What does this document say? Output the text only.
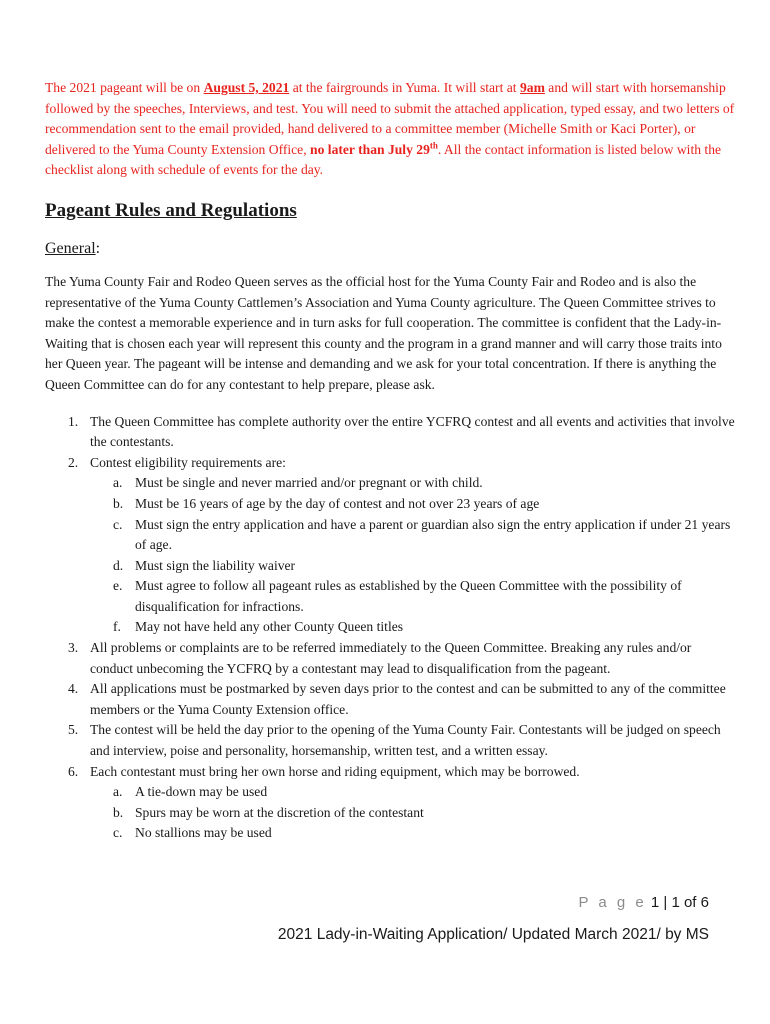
The 2021 pageant will be on August 5, 2021 at the fairgrounds in Yuma. It will start at 9am and will start with horsemanship followed by the speeches, Interviews, and test. You will need to submit the attached application, typed essay, and two letters of recommendation sent to the email provided, hand delivered to a committee member (Michelle Smith or Kaci Porter), or delivered to the Yuma County Extension Office, no later than July 29th. All the contact information is listed below with the checklist along with schedule of events for the day.

Pageant Rules and Regulations

General:

The Yuma County Fair and Rodeo Queen serves as the official host for the Yuma County Fair and Rodeo and is also the representative of the Yuma County Cattlemen’s Association and Yuma County agriculture. The Queen Committee strives to make the contest a memorable experience and in turn asks for full cooperation. The committee is confident that the Lady-in-Waiting that is chosen each year will represent this county and the program in a grand manner and will carry those traits into her Queen year. The pageant will be intense and demanding and we ask for your total concentration. If there is anything the Queen Committee can do for any contestant to help prepare, please ask.

1. The Queen Committee has complete authority over the entire YCFRQ contest and all events and activities that involve the contestants.
2. Contest eligibility requirements are:
a. Must be single and never married and/or pregnant or with child.
b. Must be 16 years of age by the day of contest and not over 23 years of age
c. Must sign the entry application and have a parent or guardian also sign the entry application if under 21 years of age.
d. Must sign the liability waiver
e. Must agree to follow all pageant rules as established by the Queen Committee with the possibility of disqualification for infractions.
f. May not have held any other County Queen titles
3. All problems or complaints are to be referred immediately to the Queen Committee. Breaking any rules and/or conduct unbecoming the YCFRQ by a contestant may lead to disqualification from the pageant.
4. All applications must be postmarked by seven days prior to the contest and can be submitted to any of the committee members or the Yuma County Extension office.
5. The contest will be held the day prior to the opening of the Yuma County Fair. Contestants will be judged on speech and interview, poise and personality, horsemanship, written test, and a written essay.
6. Each contestant must bring her own horse and riding equipment, which may be borrowed.
a. A tie-down may be used
b. Spurs may be worn at the discretion of the contestant
c. No stallions may be used
P a g e 1 | 1 of 6
2021 Lady-in-Waiting Application/ Updated March 2021/ by MS
